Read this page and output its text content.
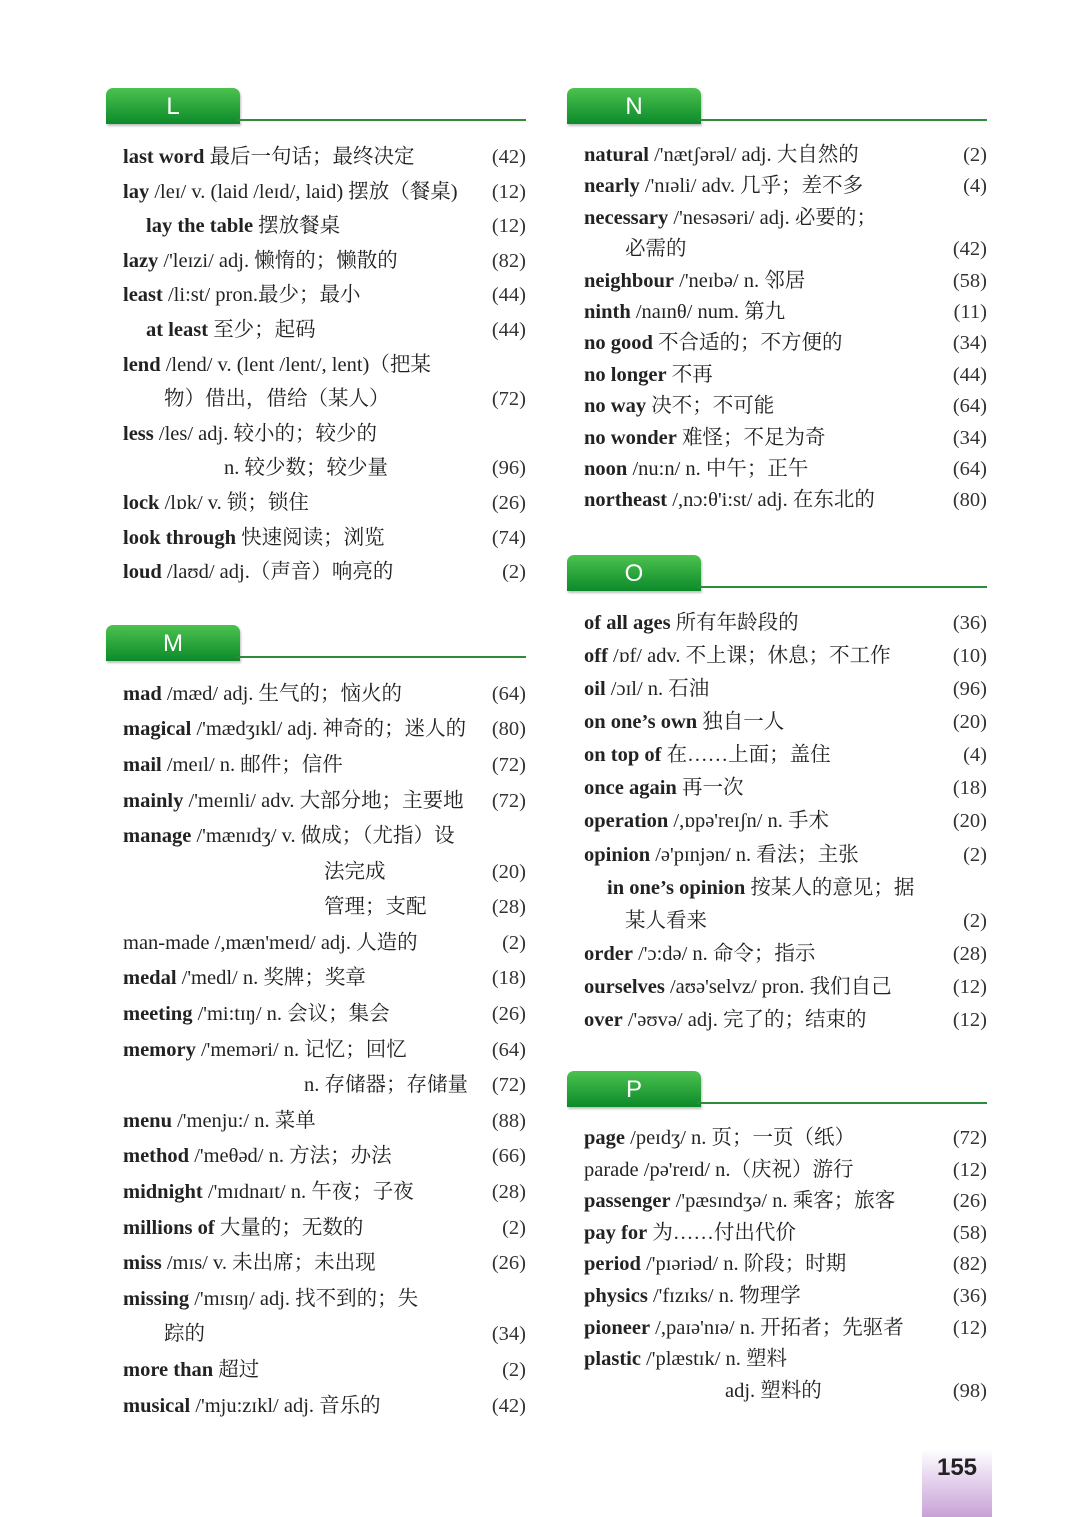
L
last word 最后一句话；最终决定	(42)
lay /leɪ/ v. (laid /leɪd/, laid) 摆放（餐桌) (12)
lay the table 摆放餐桌	(12)
lazy /'leɪzi/ adj. 懒惰的；懒散的	(82)
least /li:st/ pron.最少；最小	(44)
at least 至少；起码	(44)
lend /lend/ v. (lent /lent/, lent)（把某
物）借出，借给（某人）	(72)
less /les/ adj. 较小的；较少的
n. 较少数；较少量	(96)
lock /lɒk/ v. 锁；锁住	(26)
look through 快速阅读；浏览	(74)
loud /laʊd/ adj.（声音）响亮的	(2)
M
mad /mæd/ adj. 生气的；恼火的	(64)
magical /'mædʒɪkl/ adj. 神奇的；迷人的 (80)
mail /meɪl/ n. 邮件；信件	(72)
mainly /'meɪnli/ adv. 大部分地；主要地 (72)
manage /'mænɪdʒ/ v. 做成；（尤指）设
法完成	(20)
管理；支配	(28)
man-made /,mæn'meɪd/ adj. 人造的	(2)
medal /'medl/ n. 奖牌；奖章	(18)
meeting /'mi:tɪŋ/ n. 会议；集会	(26)
memory /'meməri/ n. 记忆；回忆	(64)
n. 存储器；存储量 (72)
menu /'menju:/ n. 菜单	(88)
method /'meθəd/ n. 方法；办法	(66)
midnight /'mɪdnaɪt/ n. 午夜；子夜	(28)
millions of 大量的；无数的	(2)
miss /mɪs/ v. 未出席；未出现	(26)
missing /'mɪsɪŋ/ adj. 找不到的；失
踪的	(34)
more than 超过	(2)
musical /'mju:zɪkl/ adj. 音乐的	(42)
N
natural /'nætʃərəl/ adj. 大自然的	(2)
nearly /'nɪəli/ adv. 几乎；差不多	(4)
necessary /'nesəsəri/ adj. 必要的；
必需的	(42)
neighbour /'neɪbə/ n. 邻居	(58)
ninth /naɪnθ/ num. 第九	(11)
no good 不合适的；不方便的	(34)
no longer 不再	(44)
no way 决不；不可能	(64)
no wonder 难怪；不足为奇	(34)
noon /nu:n/ n. 中午；正午	(64)
northeast /,nɔ:θ'i:st/ adj. 在东北的	(80)
O
of all ages 所有年龄段的	(36)
off /ɒf/ adv. 不上课；休息；不工作	(10)
oil /ɔɪl/ n. 石油	(96)
on one’s own 独自一人	(20)
on top of 在……上面；盖住	(4)
once again 再一次	(18)
operation /,ɒpə'reɪʃn/ n. 手术	(20)
opinion /ə'pɪnjən/ n. 看法；主张	(2)
in one’s opinion 按某人的意见；据
某人看来	(2)
order /'ɔ:də/ n. 命令；指示	(28)
ourselves /aʊə'selvz/ pron. 我们自己	(12)
over /'əʊvə/ adj. 完了的；结束的	(12)
P
page /peɪdʒ/ n. 页；一页（纸）	(72)
parade /pə'reɪd/ n.（庆祝）游行	(12)
passenger /'pæsɪndʒə/ n. 乘客；旅客	(26)
pay for 为……付出代价	(58)
period /'pɪəriəd/ n. 阶段；时期	(82)
physics /'fɪzɪks/ n. 物理学	(36)
pioneer /,paɪə'nɪə/ n. 开拓者；先驱者 (12)
plastic /'plæstɪk/ n. 塑料
adj. 塑料的	(98)
155
